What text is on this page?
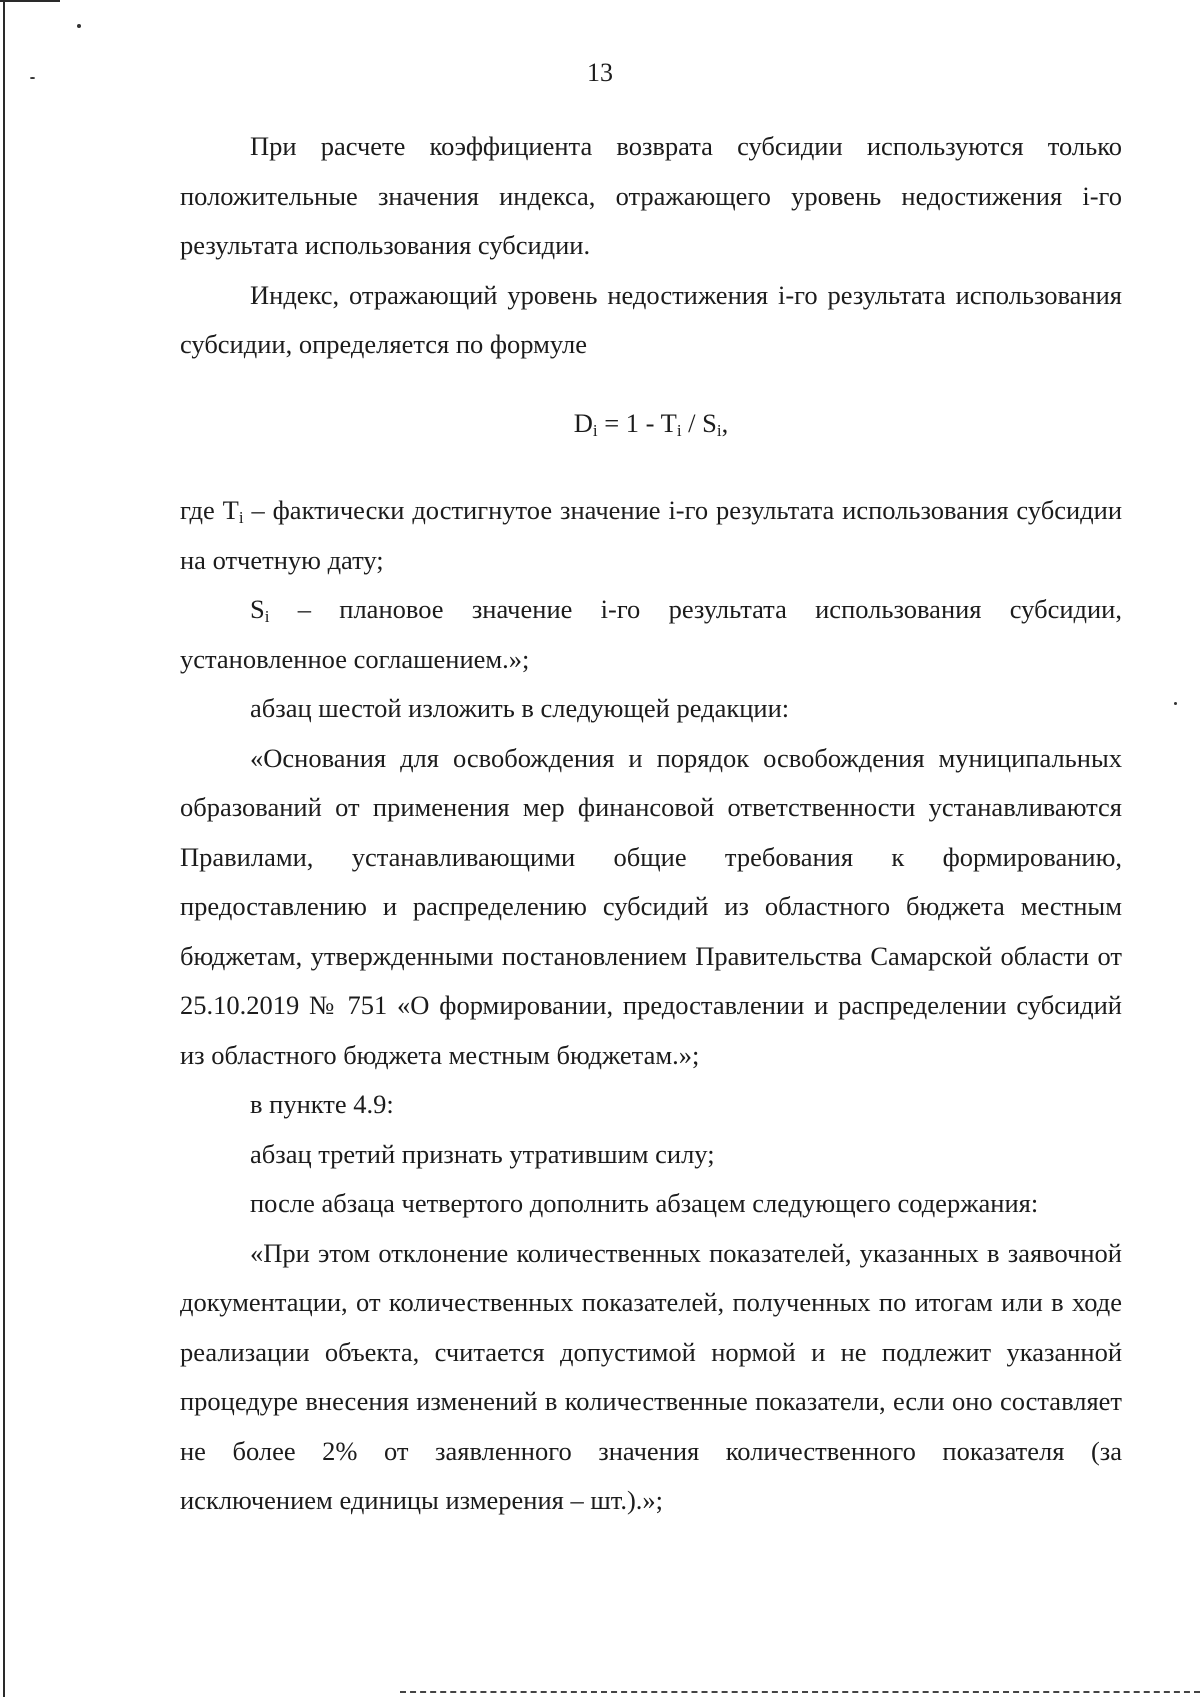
13

При расчете коэффициента возврата субсидии используются только положительные значения индекса, отражающего уровень недостижения i-го результата использования субсидии.

Индекс, отражающий уровень недостижения i-го результата использования субсидии, определяется по формуле

$D_i = 1 - T_i / S_i$,

где $T_i$ – фактически достигнутое значение i-го результата использования субсидии на отчетную дату;

$S_i$ – плановое значение i-го результата использования субсидии, установленное соглашением.»;

абзац шестой изложить в следующей редакции:

«Основания для освобождения и порядок освобождения муниципальных образований от применения мер финансовой ответственности устанавливаются Правилами, устанавливающими общие требования к формированию, предоставлению и распределению субсидий из областного бюджета местным бюджетам, утвержденными постановлением Правительства Самарской области от 25.10.2019 № 751 «О формировании, предоставлении и распределении субсидий из областного бюджета местным бюджетам.»;

в пункте 4.9:

абзац третий признать утратившим силу;

после абзаца четвертого дополнить абзацем следующего содержания:

«При этом отклонение количественных показателей, указанных в заявочной документации, от количественных показателей, полученных по итогам или в ходе реализации объекта, считается допустимой нормой и не подлежит указанной процедуре внесения изменений в количественные показатели, если оно составляет не более 2% от заявленного значения количественного показателя (за исключением единицы измерения – шт.).»;
